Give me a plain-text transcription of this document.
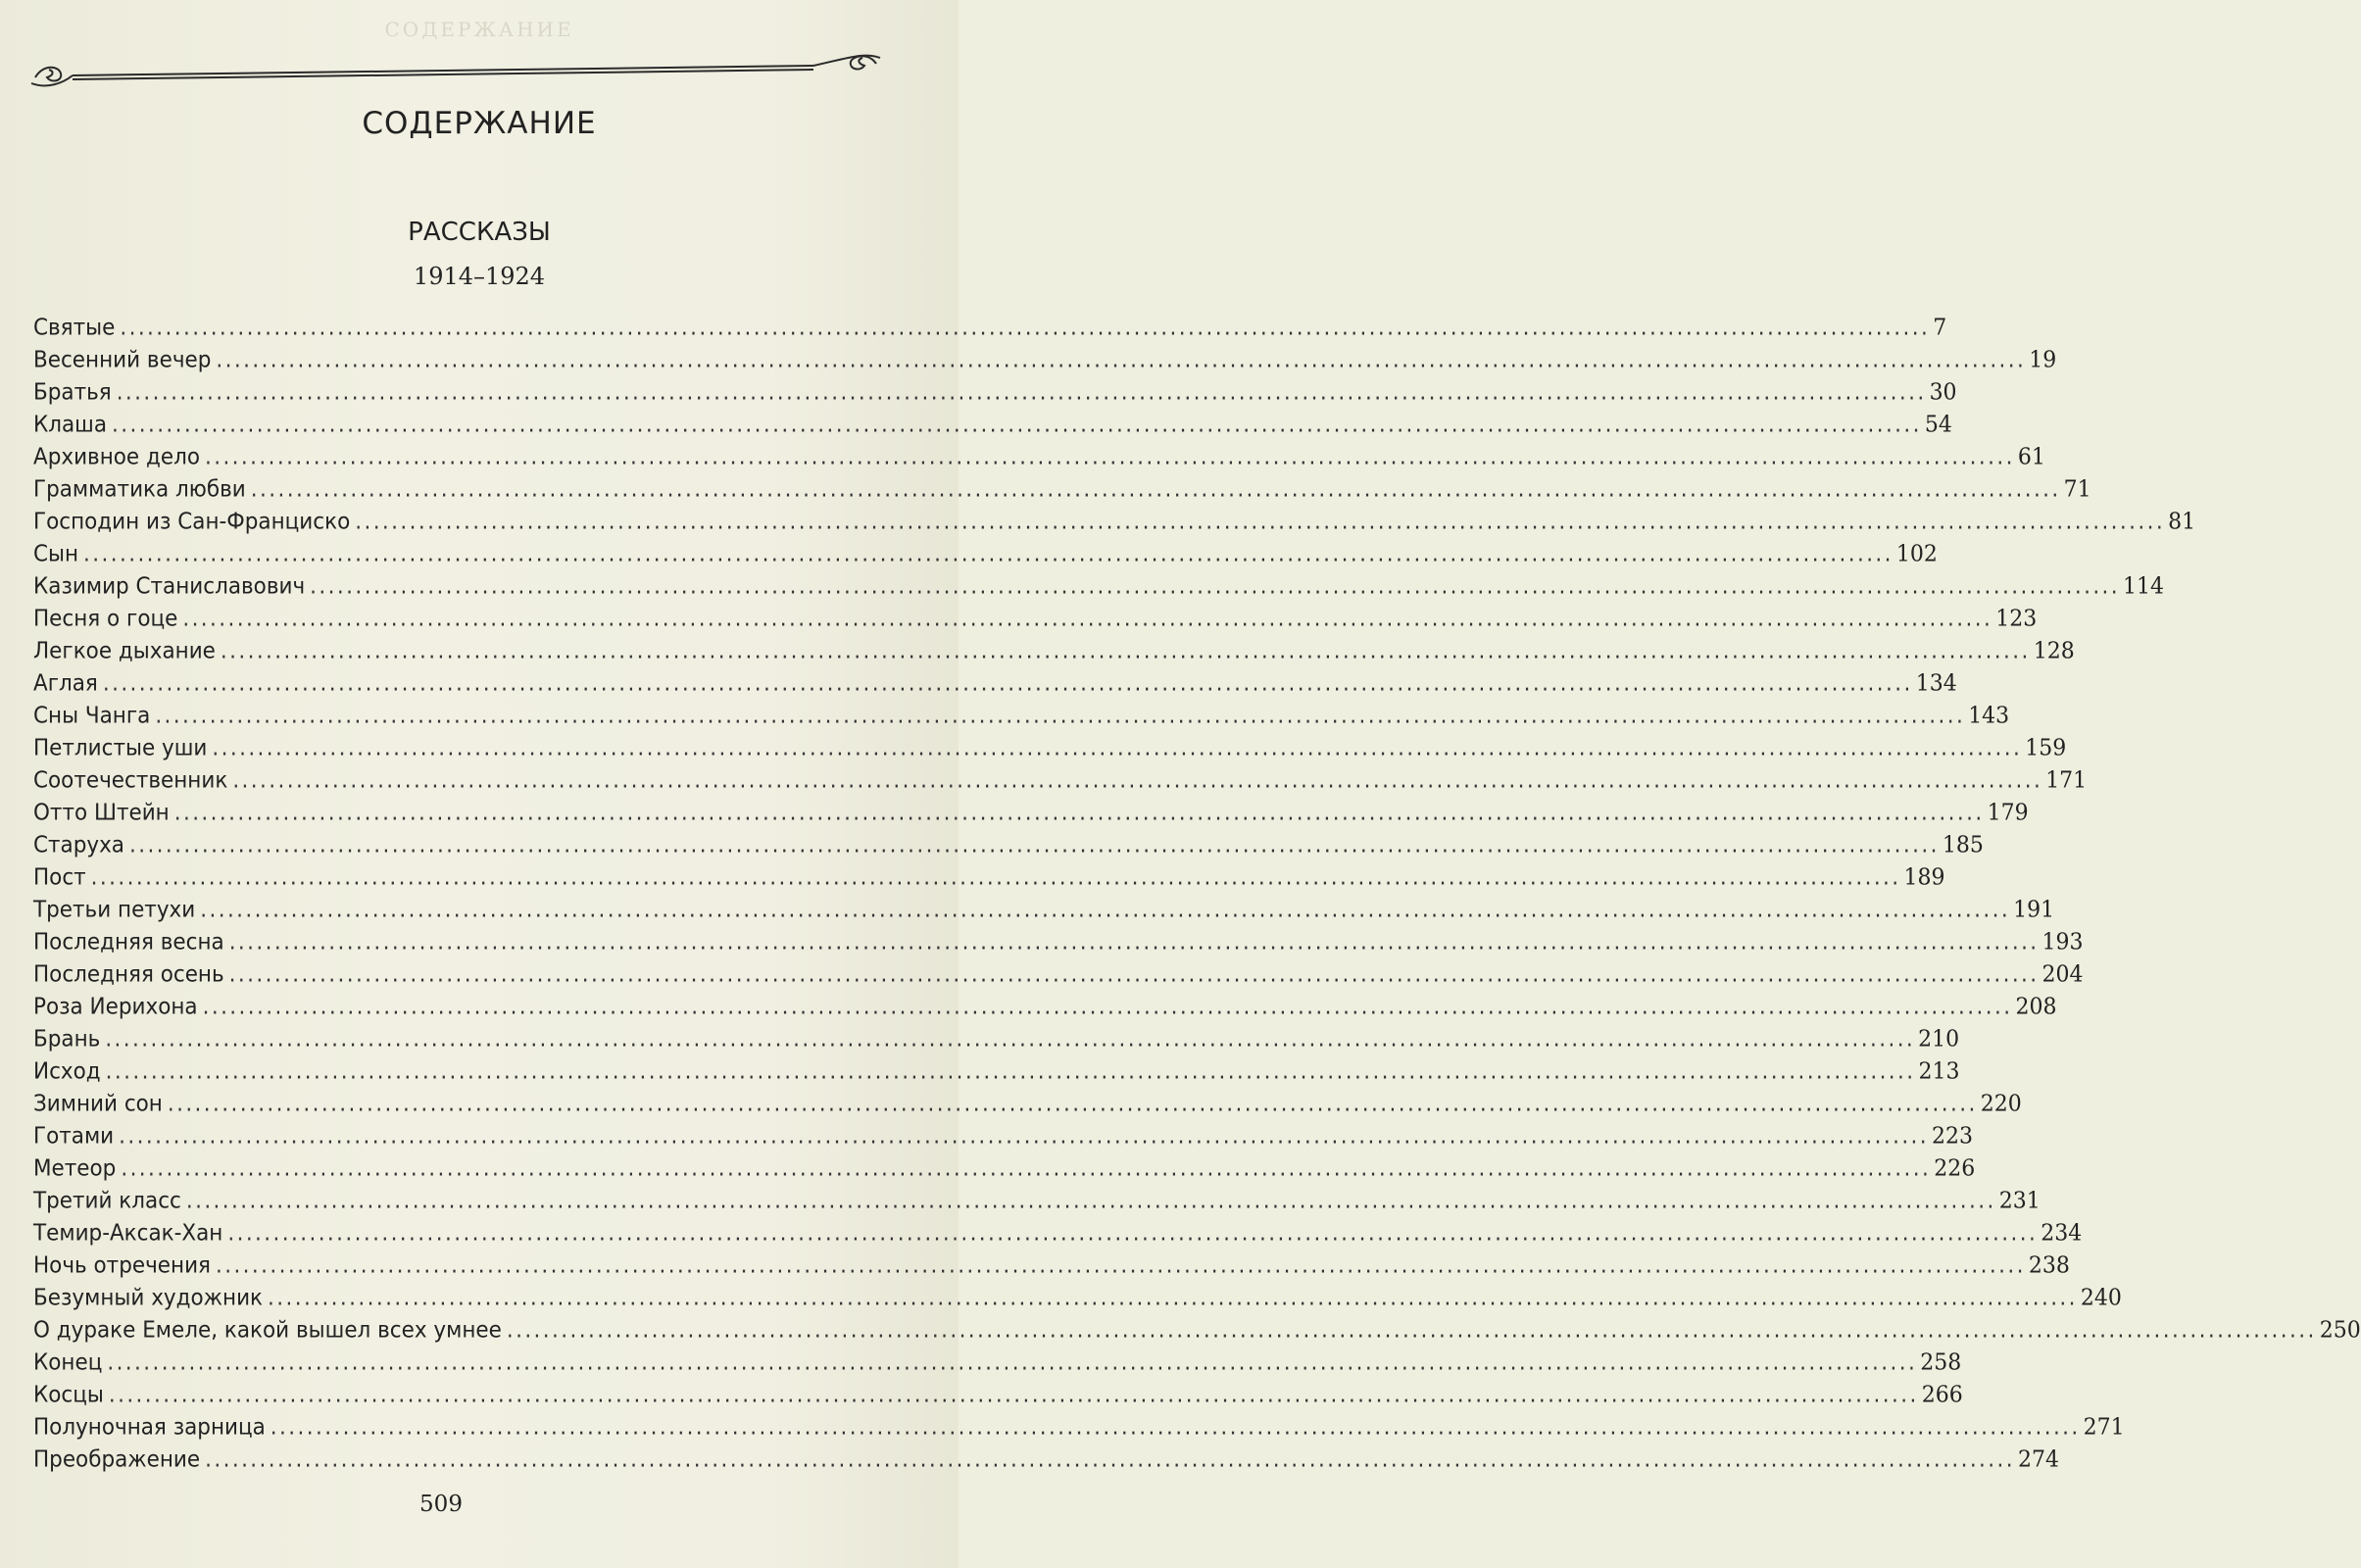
СОДЕРЖАНИЕ
СОДЕРЖАНИЕ
РАССКАЗЫ
1914–1924
Святые ........................................................................................................................................................................................................ 7
Весенний вечер ........................................................................................................................................................................................................ 19
Братья ........................................................................................................................................................................................................ 30
Клаша ........................................................................................................................................................................................................ 54
Архивное дело ........................................................................................................................................................................................................ 61
Грамматика любви ........................................................................................................................................................................................................ 71
Господин из Сан-Франциско ........................................................................................................................................................................................................ 81
Сын ........................................................................................................................................................................................................ 102
Казимир Станиславович ........................................................................................................................................................................................................ 114
Песня о гоце ........................................................................................................................................................................................................ 123
Легкое дыхание ........................................................................................................................................................................................................ 128
Аглая ........................................................................................................................................................................................................ 134
Сны Чанга ........................................................................................................................................................................................................ 143
Петлистые уши ........................................................................................................................................................................................................ 159
Соотечественник ........................................................................................................................................................................................................ 171
Отто Штейн ........................................................................................................................................................................................................ 179
Старуха ........................................................................................................................................................................................................ 185
Пост ........................................................................................................................................................................................................ 189
Третьи петухи ........................................................................................................................................................................................................ 191
Последняя весна ........................................................................................................................................................................................................ 193
Последняя осень ........................................................................................................................................................................................................ 204
Роза Иерихона ........................................................................................................................................................................................................ 208
Брань ........................................................................................................................................................................................................ 210
Исход ........................................................................................................................................................................................................ 213
Зимний сон ........................................................................................................................................................................................................ 220
Готами ........................................................................................................................................................................................................ 223
Метеор ........................................................................................................................................................................................................ 226
Третий класс ........................................................................................................................................................................................................ 231
Темир-Аксак-Хан ........................................................................................................................................................................................................ 234
Ночь отречения ........................................................................................................................................................................................................ 238
Безумный художник ........................................................................................................................................................................................................ 240
О дураке Емеле, какой вышел всех умнее ........................................................................................................................................................................................................ 250
Конец ........................................................................................................................................................................................................ 258
Косцы ........................................................................................................................................................................................................ 266
Полуночная зарница ........................................................................................................................................................................................................ 271
Преображение ........................................................................................................................................................................................................ 274
509
